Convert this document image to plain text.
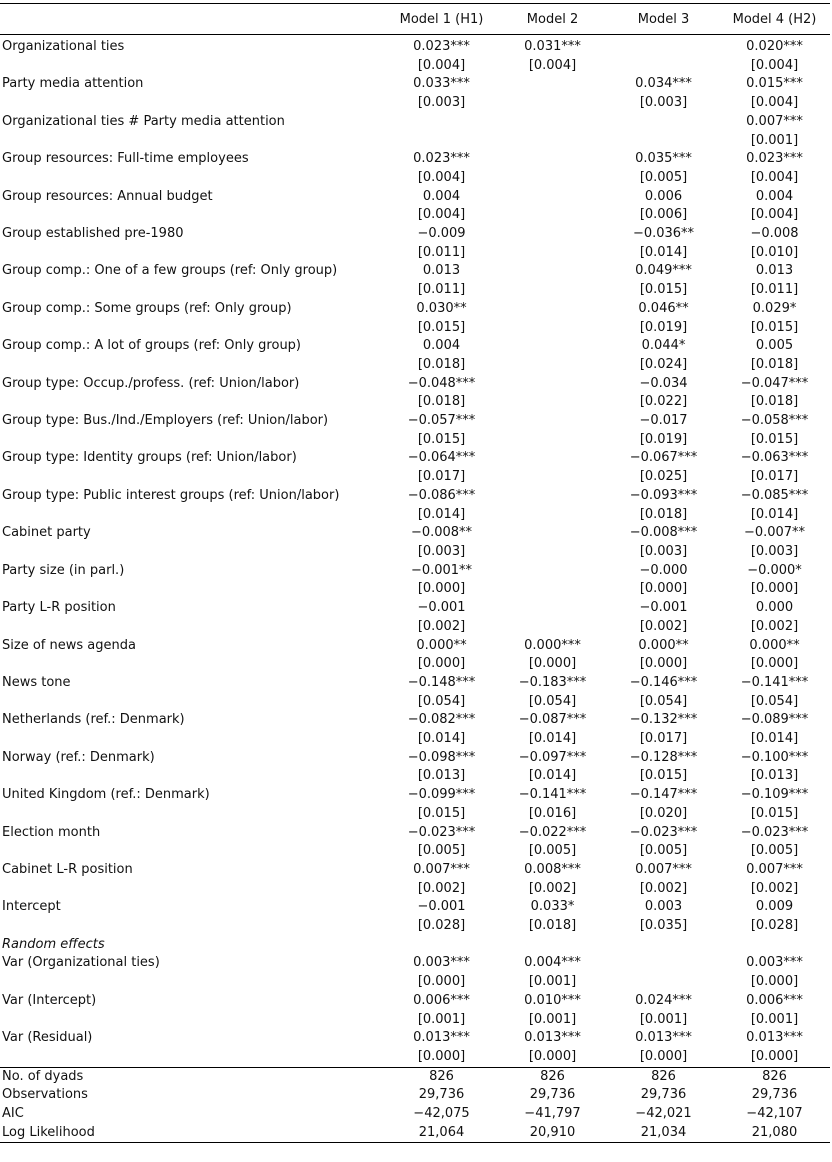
	Model 1 (H1)	Model 2	Model 3	Model 4 (H2)
Organizational ties	0.023***	0.031***		0.020***
	[0.004]	[0.004]		[0.004]
Party media attention	0.033***		0.034***	0.015***
	[0.003]		[0.003]	[0.004]
Organizational ties # Party media attention				0.007***
				[0.001]
Group resources: Full-time employees	0.023***		0.035***	0.023***
	[0.004]		[0.005]	[0.004]
Group resources: Annual budget	0.004		0.006	0.004
	[0.004]		[0.006]	[0.004]
Group established pre-1980	−0.009		−0.036**	−0.008
	[0.011]		[0.014]	[0.010]
Group comp.: One of a few groups (ref: Only group)	0.013		0.049***	0.013
	[0.011]		[0.015]	[0.011]
Group comp.: Some groups (ref: Only group)	0.030**		0.046**	0.029*
	[0.015]		[0.019]	[0.015]
Group comp.: A lot of groups (ref: Only group)	0.004		0.044*	0.005
	[0.018]		[0.024]	[0.018]
Group type: Occup./profess. (ref: Union/labor)	−0.048***		−0.034	−0.047***
	[0.018]		[0.022]	[0.018]
Group type: Bus./Ind./Employers (ref: Union/labor)	−0.057***		−0.017	−0.058***
	[0.015]		[0.019]	[0.015]
Group type: Identity groups (ref: Union/labor)	−0.064***		−0.067***	−0.063***
	[0.017]		[0.025]	[0.017]
Group type: Public interest groups (ref: Union/labor)	−0.086***		−0.093***	−0.085***
	[0.014]		[0.018]	[0.014]
Cabinet party	−0.008**		−0.008***	−0.007**
	[0.003]		[0.003]	[0.003]
Party size (in parl.)	−0.001**		−0.000	−0.000*
	[0.000]		[0.000]	[0.000]
Party L-R position	−0.001		−0.001	0.000
	[0.002]		[0.002]	[0.002]
Size of news agenda	0.000**	0.000***	0.000**	0.000**
	[0.000]	[0.000]	[0.000]	[0.000]
News tone	−0.148***	−0.183***	−0.146***	−0.141***
	[0.054]	[0.054]	[0.054]	[0.054]
Netherlands (ref.: Denmark)	−0.082***	−0.087***	−0.132***	−0.089***
	[0.014]	[0.014]	[0.017]	[0.014]
Norway (ref.: Denmark)	−0.098***	−0.097***	−0.128***	−0.100***
	[0.013]	[0.014]	[0.015]	[0.013]
United Kingdom (ref.: Denmark)	−0.099***	−0.141***	−0.147***	−0.109***
	[0.015]	[0.016]	[0.020]	[0.015]
Election month	−0.023***	−0.022***	−0.023***	−0.023***
	[0.005]	[0.005]	[0.005]	[0.005]
Cabinet L-R position	0.007***	0.008***	0.007***	0.007***
	[0.002]	[0.002]	[0.002]	[0.002]
Intercept	−0.001	0.033*	0.003	0.009
	[0.028]	[0.018]	[0.035]	[0.028]
Random effects				
Var (Organizational ties)	0.003***	0.004***		0.003***
	[0.000]	[0.001]		[0.000]
Var (Intercept)	0.006***	0.010***	0.024***	0.006***
	[0.001]	[0.001]	[0.001]	[0.001]
Var (Residual)	0.013***	0.013***	0.013***	0.013***
	[0.000]	[0.000]	[0.000]	[0.000]
No. of dyads	826	826	826	826
Observations	29,736	29,736	29,736	29,736
AIC	−42,075	−41,797	−42,021	−42,107
Log Likelihood	21,064	20,910	21,034	21,080
